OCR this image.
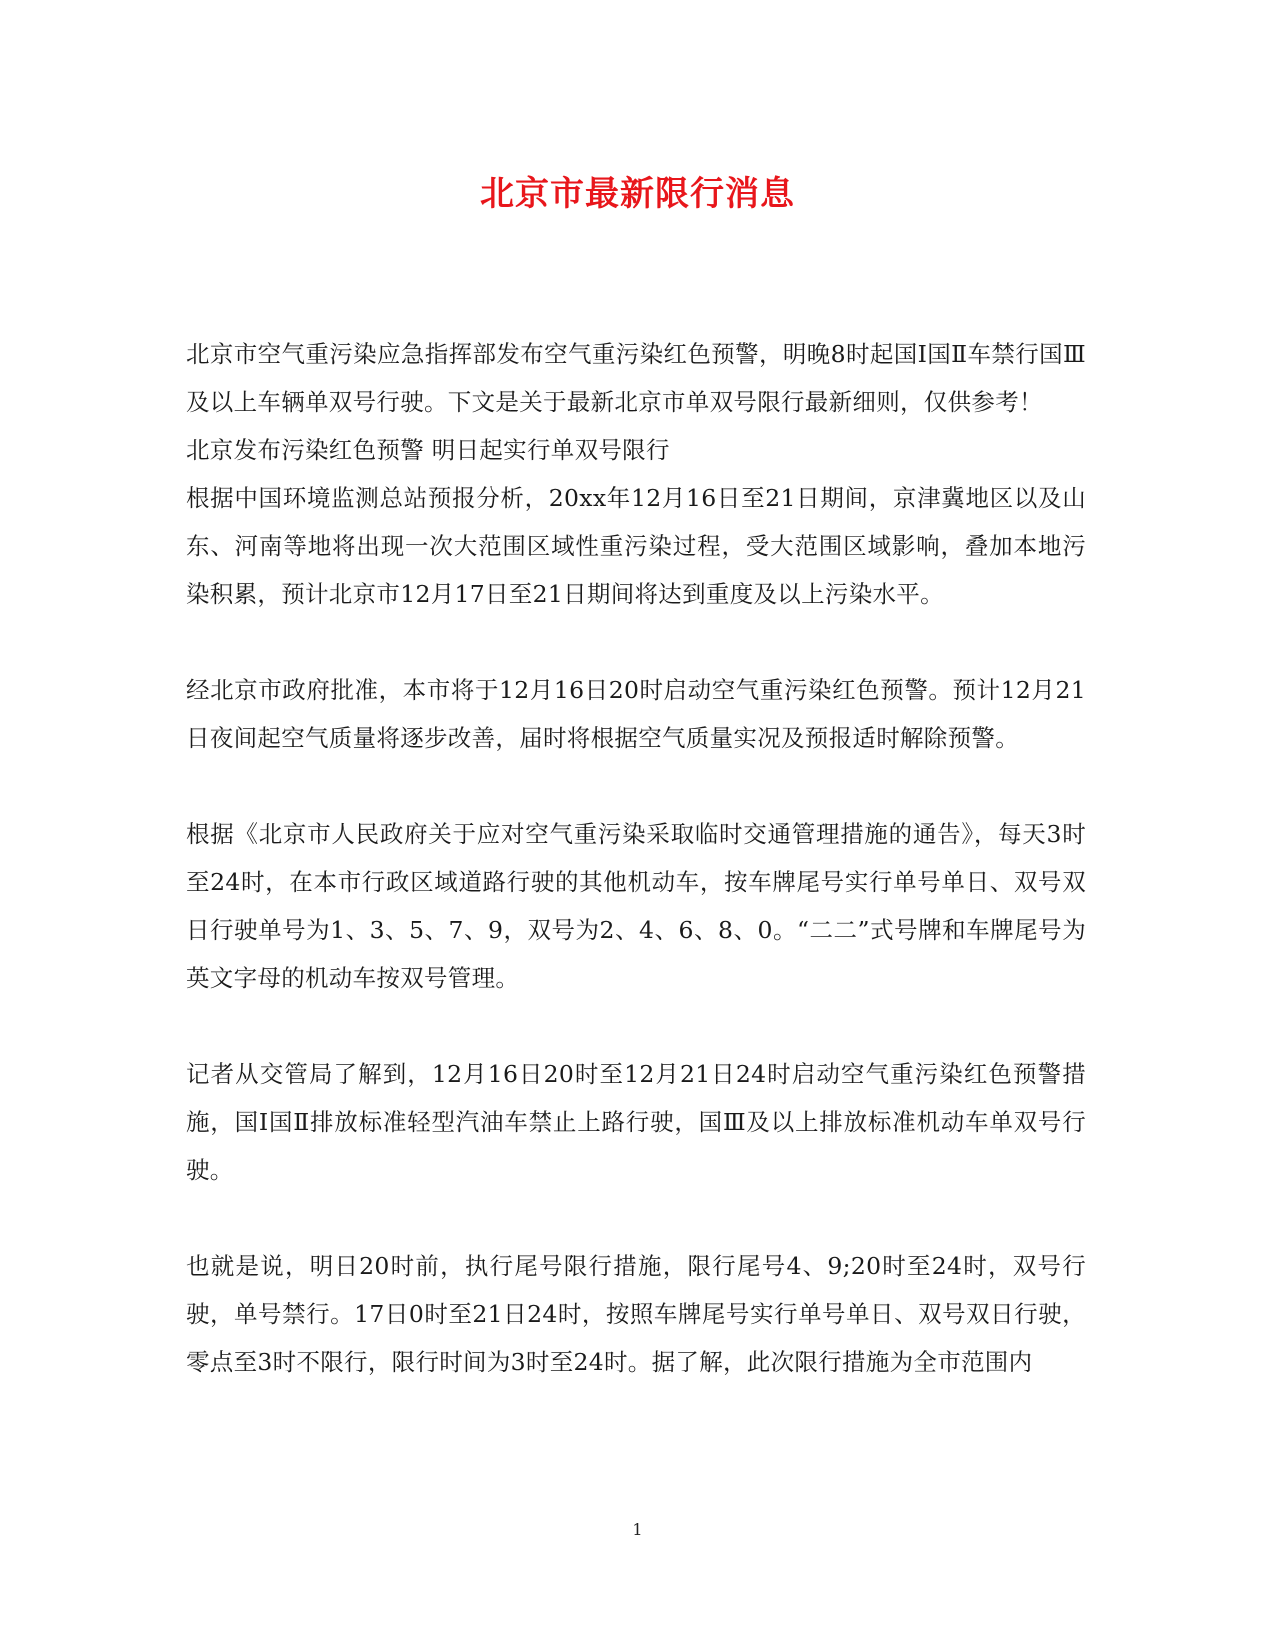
北京市最新限行消息

北京市空气重污染应急指挥部发布空气重污染红色预警，明晚8时起国Ⅰ国Ⅱ车禁行国Ⅲ及以上车辆单双号行驶。下文是关于最新北京市单双号限行最新细则，仅供参考！

北京发布污染红色预警 明日起实行单双号限行

根据中国环境监测总站预报分析，20xx年12月16日至21日期间，京津冀地区以及山东、河南等地将出现一次大范围区域性重污染过程，受大范围区域影响，叠加本地污染积累，预计北京市12月17日至21日期间将达到重度及以上污染水平。

经北京市政府批准，本市将于12月16日20时启动空气重污染红色预警。预计12月21日夜间起空气质量将逐步改善，届时将根据空气质量实况及预报适时解除预警。

根据《北京市人民政府关于应对空气重污染采取临时交通管理措施的通告》，每天3时至24时，在本市行政区域道路行驶的其他机动车，按车牌尾号实行单号单日、双号双日行驶单号为1、3、5、7、9，双号为2、4、6、8、0。“二二”式号牌和车牌尾号为英文字母的机动车按双号管理。

记者从交管局了解到，12月16日20时至12月21日24时启动空气重污染红色预警措施，国Ⅰ国Ⅱ排放标准轻型汽油车禁止上路行驶，国Ⅲ及以上排放标准机动车单双号行驶。

也就是说，明日20时前，执行尾号限行措施，限行尾号4、9;20时至24时，双号行驶，单号禁行。17日0时至21日24时，按照车牌尾号实行单号单日、双号双日行驶，零点至3时不限行，限行时间为3时至24时。据了解，此次限行措施为全市范围内

1
